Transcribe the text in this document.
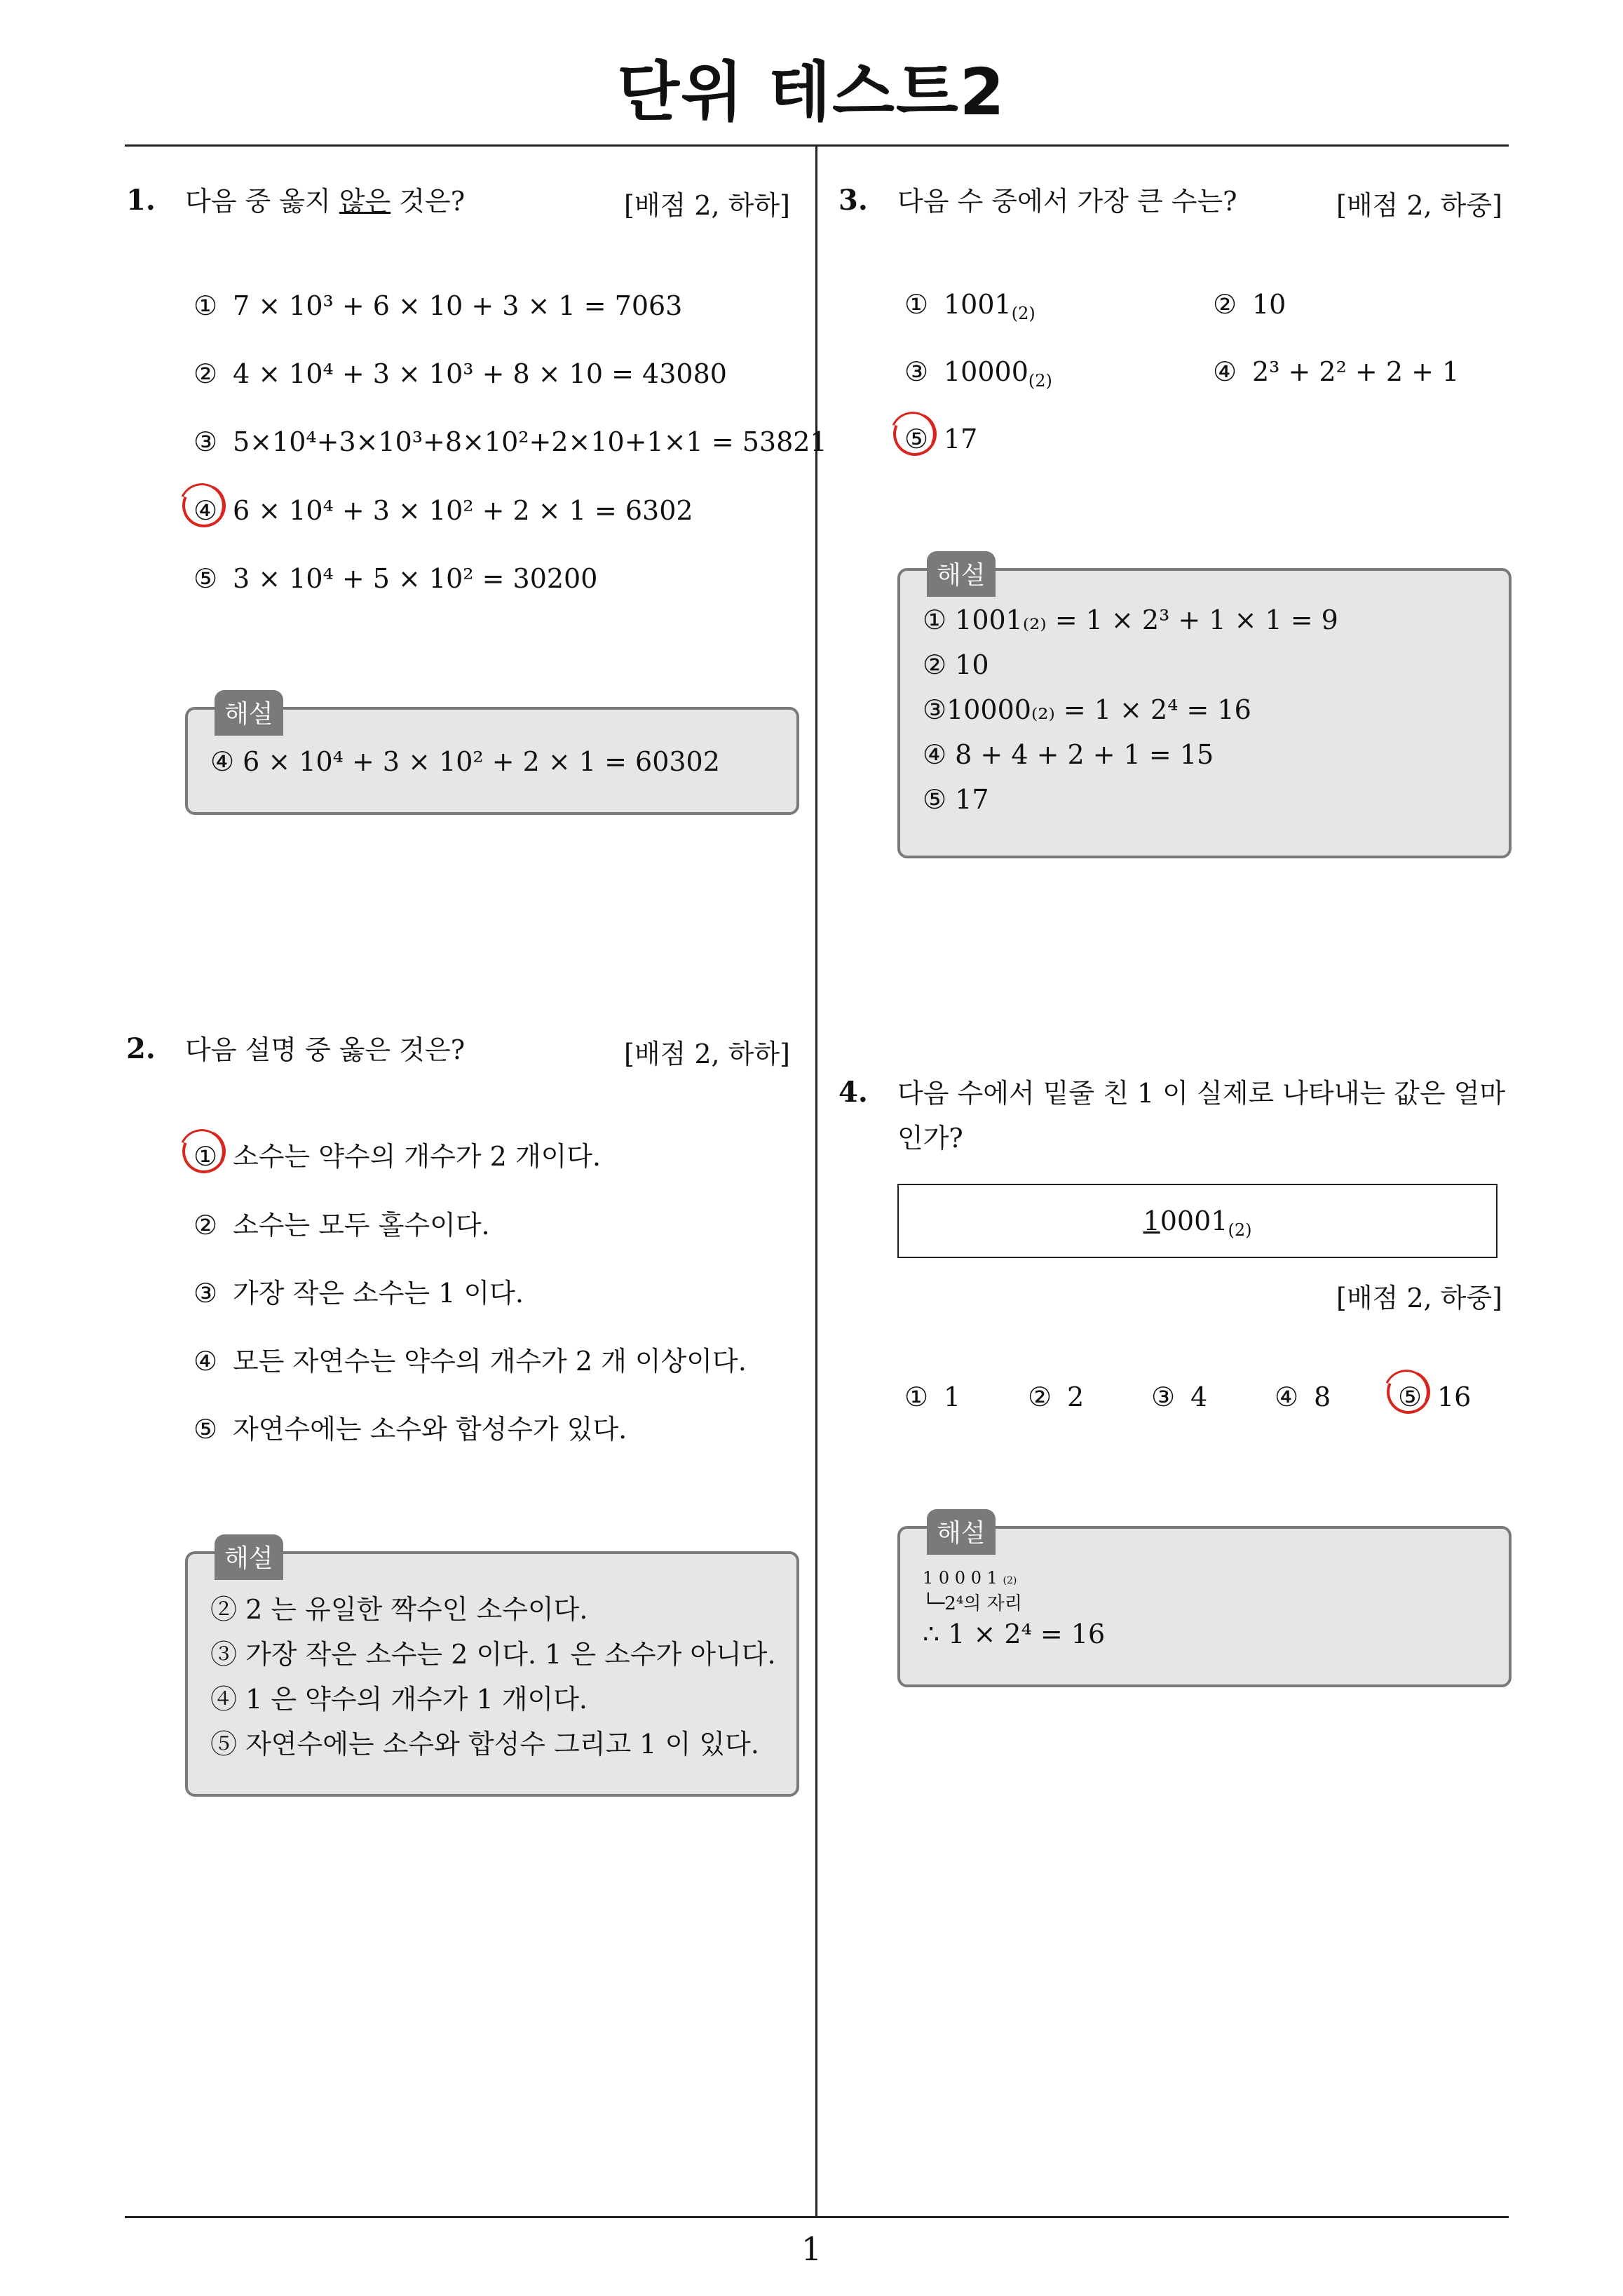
단위 테스트2
1
1. 다음 중 옳지 않은 것은?	[배점 2, 하하]
① 7 × 10³ + 6 × 10 + 3 × 1 = 7063
② 4 × 10⁴ + 3 × 10³ + 8 × 10 = 43080
③ 5×10⁴+3×10³+8×10²+2×10+1×1 = 53821
④ 6 × 10⁴ + 3 × 10² + 2 × 1 = 6302
⑤ 3 × 10⁴ + 5 × 10² = 30200
해설
④ 6 × 10⁴ + 3 × 10² + 2 × 1 = 60302
2. 다음 설명 중 옳은 것은?	[배점 2, 하하]
① 소수는 약수의 개수가 2 개이다.
② 소수는 모두 홀수이다.
③ 가장 작은 소수는 1 이다.
④ 모든 자연수는 약수의 개수가 2 개 이상이다.
⑤ 자연수에는 소수와 합성수가 있다.
해설
② 2 는 유일한 짝수인 소수이다.
③ 가장 작은 소수는 2 이다. 1 은 소수가 아니다.
④ 1 은 약수의 개수가 1 개이다.
⑤ 자연수에는 소수와 합성수 그리고 1 이 있다.
3. 다음 수 중에서 가장 큰 수는?	[배점 2, 하중]
① $1001_{(2)}$	② 10
③ $10000_{(2)}$	④ 2³ + 2² + 2 + 1
⑤ 17
해설
① 1001₍₂₎ = 1 × 2³ + 1 × 1 = 9
② 10
③10000₍₂₎ = 1 × 2⁴ = 16
④ 8 + 4 + 2 + 1 = 15
⑤ 17
4. 다음 수에서 밑줄 친 1 이 실제로 나타내는 값은 얼마
인가?
$10001_{(2)}$
[배점 2, 하중]
① 1	② 2	③ 4	④ 8	⑤ 16
해설
1 0 0 0 1 (2)
└─2⁴의 자리
∴ 1 × 2⁴ = 16
